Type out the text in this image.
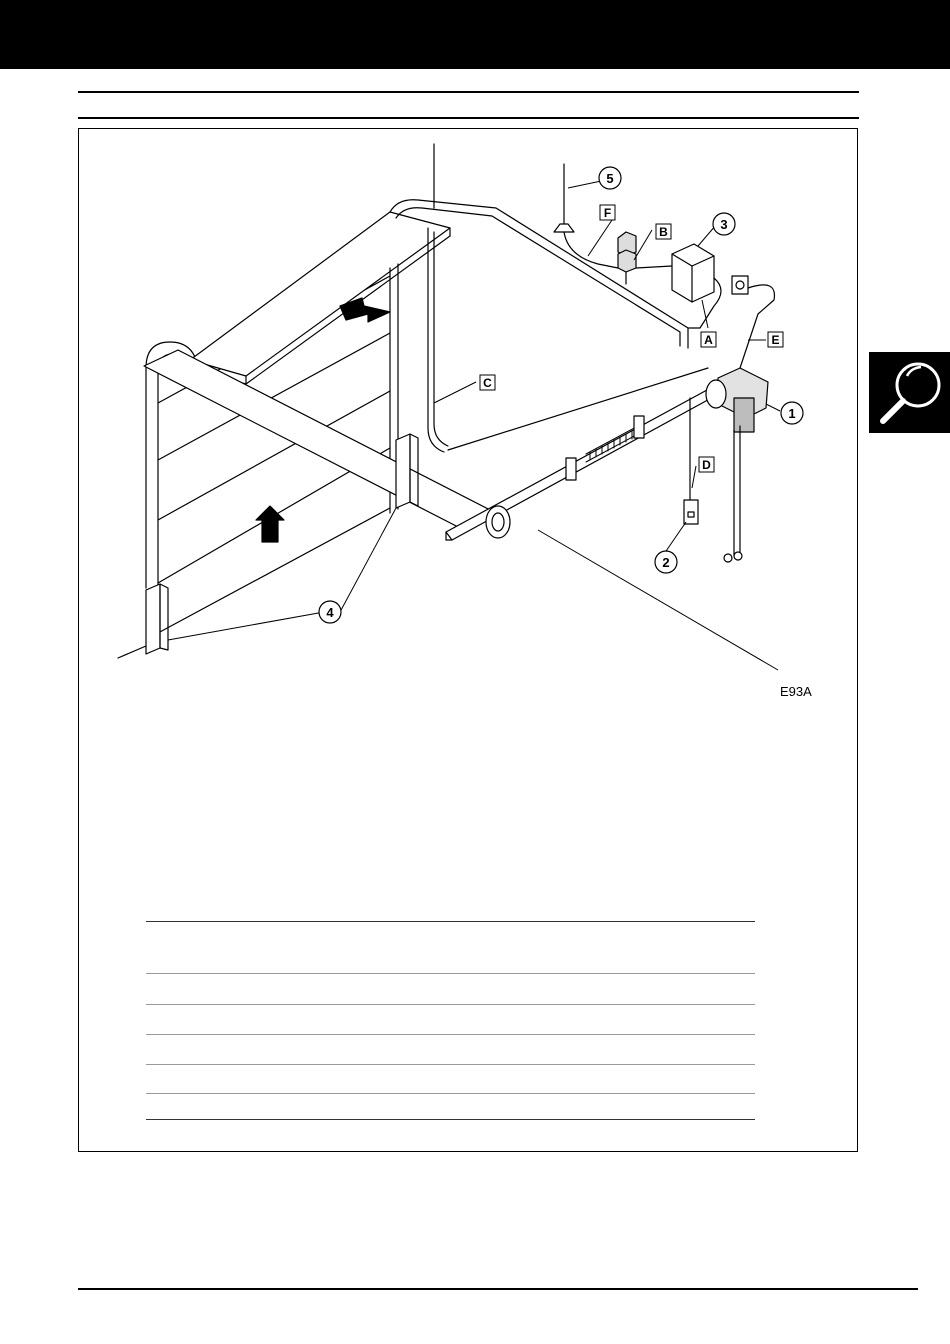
1
2
3
4
5
A
B
C
D
E
F
E93A
